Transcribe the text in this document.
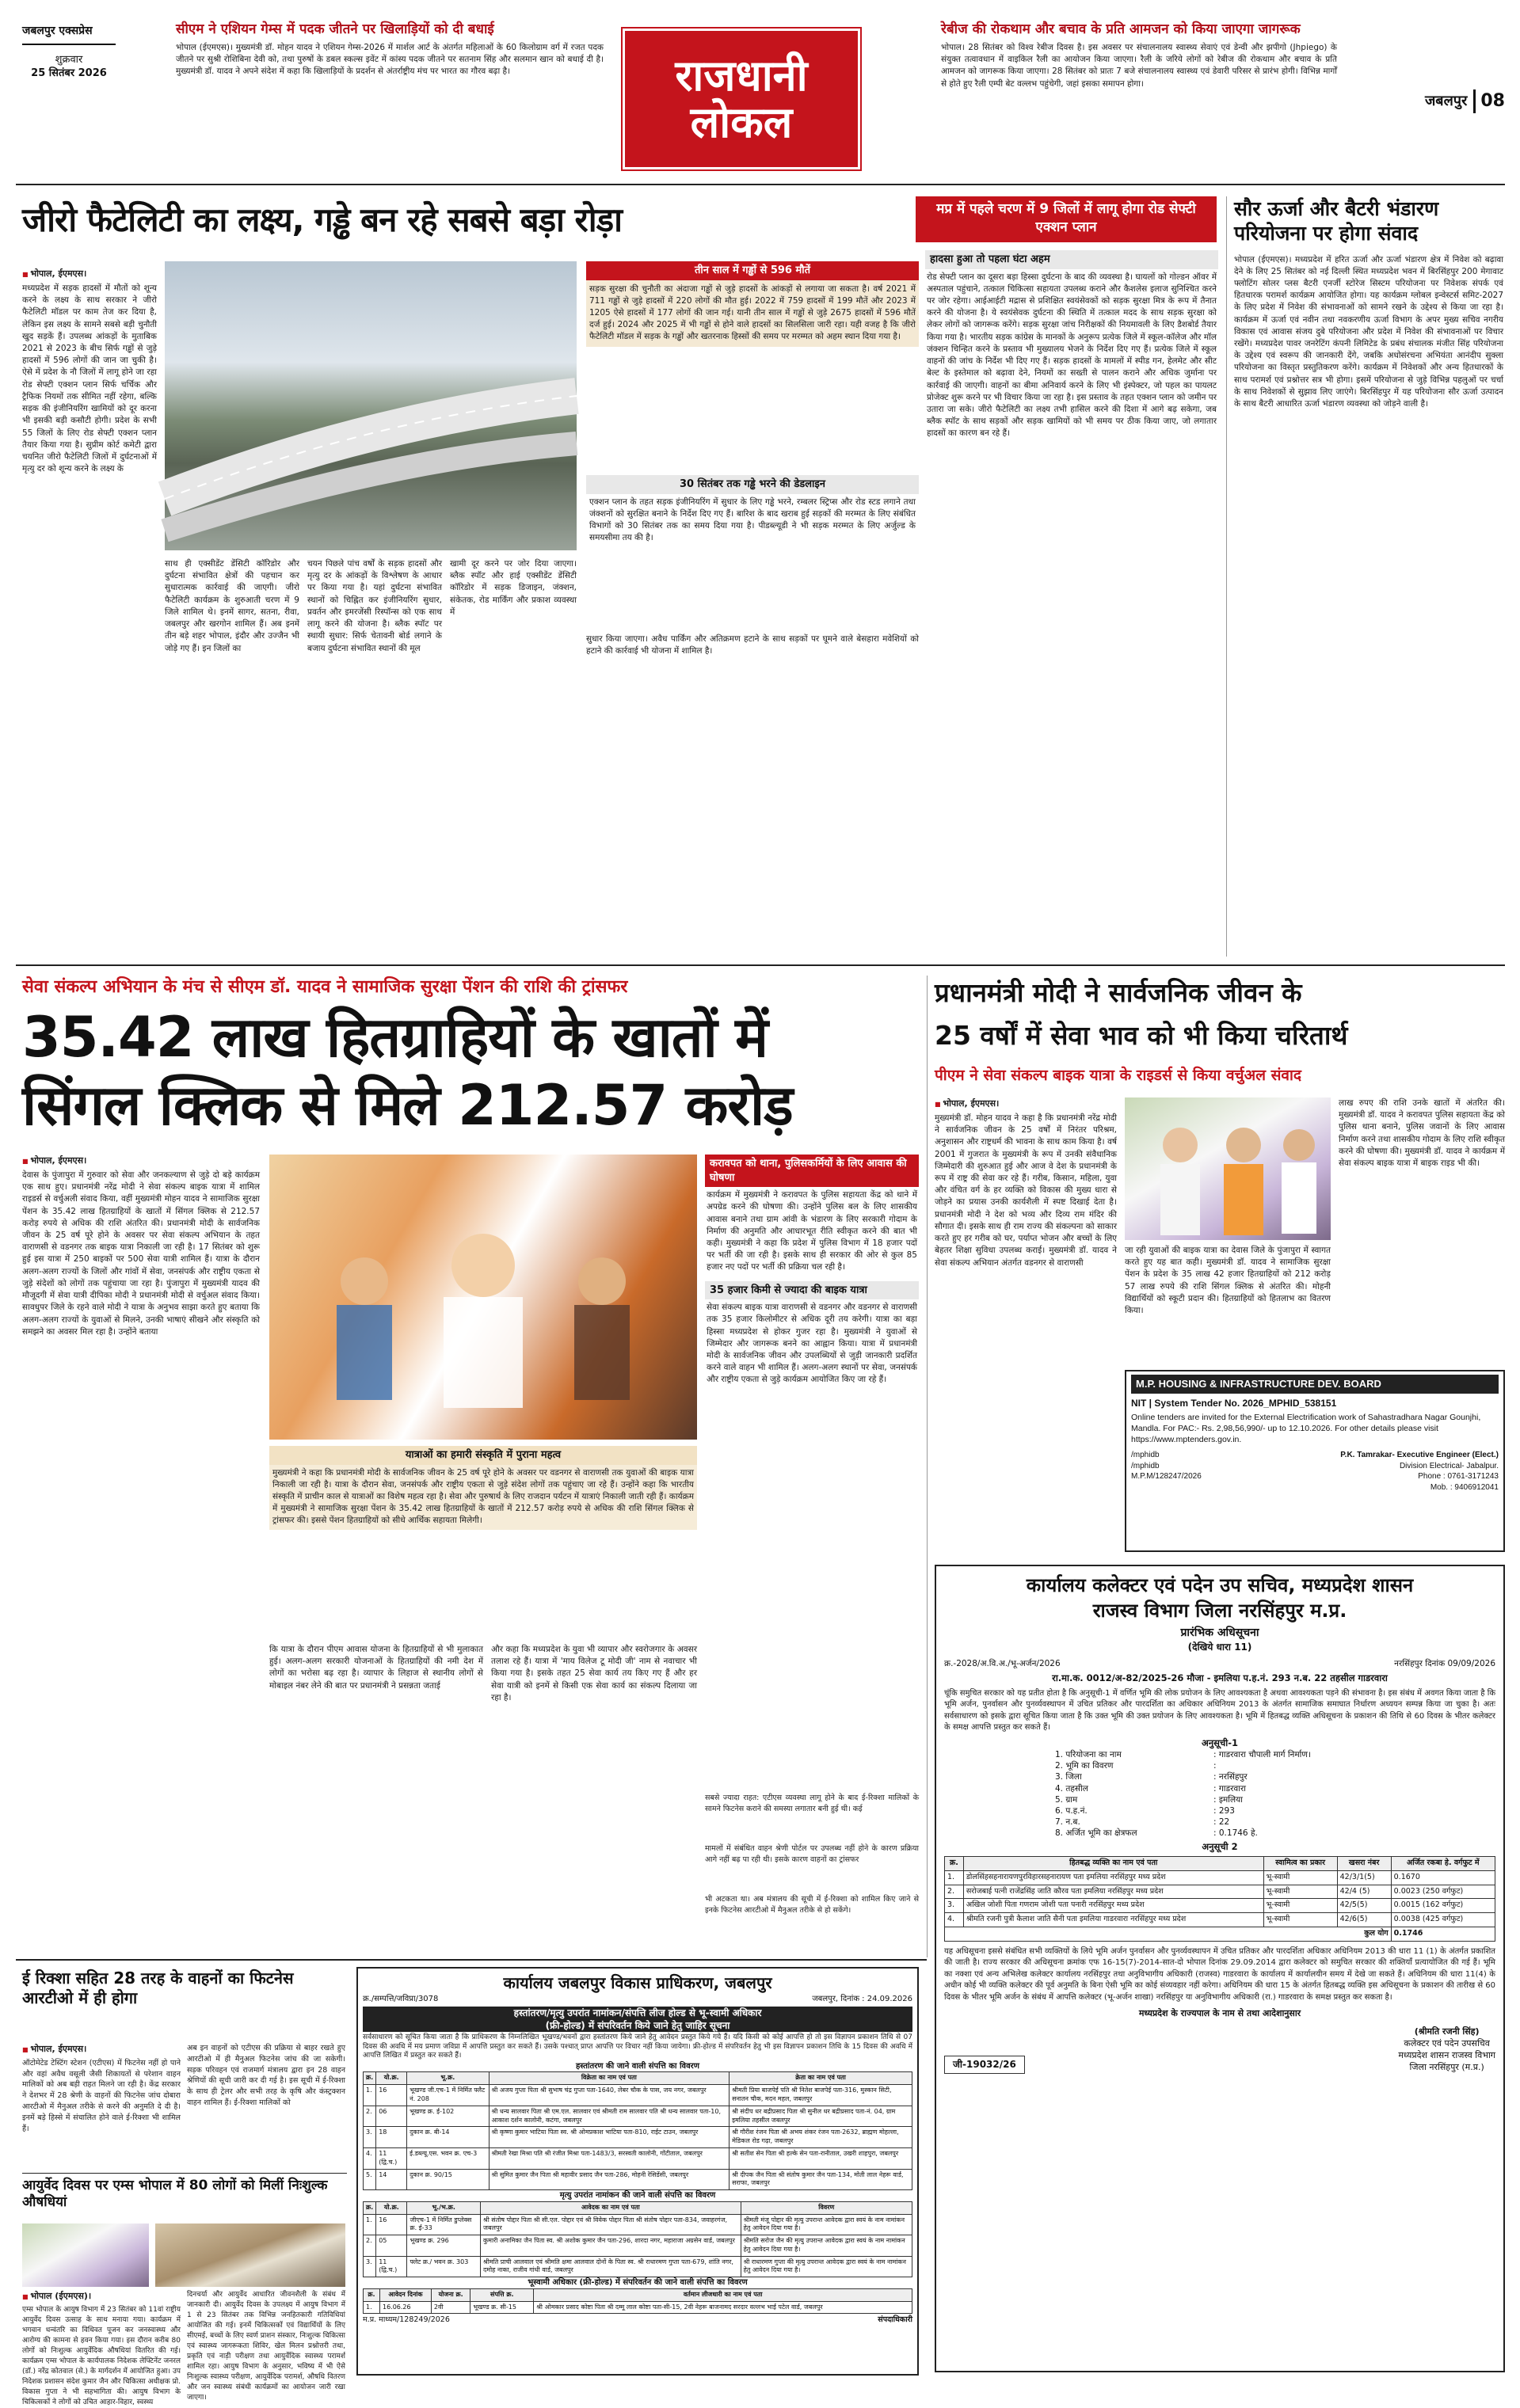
जबलपुर एक्सप्रेस
शुक्रवार
25 सितंबर 2026
सीएम ने एशियन गेम्स में पदक जीतने पर खिलाड़ियों को दी बधाई
भोपाल (ईएमएस)। मुख्यमंत्री डॉ. मोहन यादव ने एशियन गेम्स-2026 में मार्शल आर्ट के अंतर्गत महिलाओं के 60 किलोग्राम वर्ग में रजत पदक जीतने पर सुश्री रोशिबिना देवी को, तथा पुरुषों के डबल स्कल्स इवेंट में कांस्य पदक जीतने पर सतनाम सिंह और सलमान खान को बधाई दी है। मुख्यमंत्री डॉ. यादव ने अपने संदेश में कहा कि खिलाड़ियों के प्रदर्शन से अंतर्राष्ट्रीय मंच पर भारत का गौरव बढ़ा है।	राजधानी
लोकल
रेबीज की रोकथाम और बचाव के प्रति आमजन को किया जाएगा जागरूक
भोपाल। 28 सितंबर को विश्व रेबीज दिवस है। इस अवसर पर संचालनालय स्वास्थ्य सेवाएं एवं डेन्वी और झपीगो (Jhpiego) के संयुक्त तत्वावधान में वाइकिल रैली का आयोजन किया जाएगा। रैली के जरिये लोगों को रेबीज की रोकथाम और बचाव के प्रति आमजन को जागरूक किया जाएगा। 28 सितंबर को प्रातः 7 बजे संचालनालय स्वास्थ्य एवं डेवारी परिसर से प्रारंभ होगी। विभिन्न मार्गों से होते हुए रैली एम्पी बेट वल्लभ पहुंचेगी, जहां इसका समापन होगा।
जबलपुर 08
जीरो फैटेलिटी का लक्ष्य, गड्ढे बन रहे सबसे बड़ा रोड़ा	मप्र में पहले चरण में 9 जिलों में लागू होगा रोड सेफ्टी एक्शन प्लान
■ भोपाल, ईएमएस।

मध्यप्रदेश में सड़क हादसों में मौतों को शून्य करने के लक्ष्य के साथ सरकार ने जीरो फैटेलिटी मॉडल पर काम तेज कर दिया है, लेकिन इस लक्ष्य के सामने सबसे बड़ी चुनौती खुद सड़कें हैं। उपलब्ध आंकड़ों के मुताबिक 2021 से 2023 के बीच सिर्फ गड्ढों से जुड़े हादसों में 596 लोगों की जान जा चुकी है। ऐसे में प्रदेश के नौ जिलों में लागू होने जा रहा रोड सेफ्टी एक्शन प्लान सिर्फ चर्चिक और ट्रैफिक नियमों तक सीमित नहीं रहेगा, बल्कि सड़क की इंजीनियरिंग खामियों को दूर करना भी इसकी बड़ी कसौटी होगी। प्रदेश के सभी 55 जिलों के लिए रोड सेफ्टी एक्शन प्लान तैयार किया गया है। सुप्रीम कोर्ट कमेटी द्वारा चयनित जीरो फैटेलिटी जिलों में दुर्घटनाओं में मृत्यु दर को शून्य करने के लक्ष्य के

साथ ही एक्सीडेंट डेंसिटी कॉरिडोर और दुर्घटना संभावित क्षेत्रों की पहचान कर सुधारात्मक कार्रवाई की जाएगी। जीरो फैटेलिटी कार्यक्रम के शुरुआती चरण में 9 जिले शामिल थे। इनमें सागर, सतना, रीवा, जबलपुर और खरगोन शामिल हैं। अब इनमें तीन बड़े शहर भोपाल, इंदौर और उज्जैन भी जोड़े गए हैं। इन जिलों का
चयन पिछले पांच वर्षों के सड़क हादसों और मृत्यु दर के आंकड़ों के विश्लेषण के आधार पर किया गया है। यहां दुर्घटना संभावित स्थानों को चिह्नित कर इंजीनियरिंग सुधार, प्रवर्तन और इमरजेंसी रिस्पॉन्स को एक साथ लागू करने की योजना है। ब्लैक स्पॉट पर स्थायी सुधार: सिर्फ चेतावनी बोर्ड लगाने के बजाय दुर्घटना संभावित स्थानों की मूल
खामी दूर करने पर जोर दिया जाएगा। ब्लैक स्पॉट और हाई एक्सीडेंट डेंसिटी कॉरिडोर में सड़क डिजाइन, जंक्शन, संकेतक, रोड मार्किंग और प्रकाश व्यवस्था में
तीन साल में गड्ढों से 596 मौतें
सड़क सुरक्षा की चुनौती का अंदाजा गड्ढों से जुड़े हादसों के आंकड़ों से लगाया जा सकता है। वर्ष 2021 में 711 गड्ढों से जुड़े हादसों में 220 लोगों की मौत हुई। 2022 में 759 हादसों में 199 मौतें और 2023 में 1205 ऐसे हादसों में 177 लोगों की जान गई। यानी तीन साल में गड्ढों से जुड़े 2675 हादसों में 596 मौतें दर्ज हुई। 2024 और 2025 में भी गड्ढों से होने वाले हादसों का सिलसिला जारी रहा। यही वजह है कि जीरो फैटेलिटी मॉडल में सड़क के गड्ढों और खतरनाक हिस्सों की समय पर मरम्मत को अहम स्थान दिया गया है।
30 सितंबर तक गड्ढे भरने की डेडलाइन
एक्शन प्लान के तहत सड़क इंजीनियरिंग में सुधार के लिए गड्ढे भरने, रम्बलर स्ट्रिप्स और रोड स्टड लगाने तथा जंक्शनों को सुरक्षित बनाने के निर्देश दिए गए हैं। बारिश के बाद खराब हुई सड़कों की मरम्मत के लिए संबंधित विभागों को 30 सितंबर तक का समय दिया गया है। पीडब्ल्यूडी ने भी सड़क मरम्मत के लिए अर्जुल्ड के समयसीमा तय की है।
सुधार किया जाएगा। अवैध पार्किंग और अतिक्रमण हटाने के साथ सड़कों पर घूमने वाले बेसहारा मवेशियों को हटाने की कार्रवाई भी योजना में शामिल है।
हादसा हुआ तो पहला घंटा अहम
रोड सेफ्टी प्लान का दूसरा बड़ा हिस्सा दुर्घटना के बाद की व्यवस्था है। घायलों को गोल्डन ऑवर में अस्पताल पहुंचाने, तत्काल चिकित्सा सहायता उपलब्ध कराने और कैशलेस इलाज सुनिश्चित करने पर जोर रहेगा। आईआईटी मद्रास से प्रशिक्षित स्वयंसेवकों को सड़क सुरक्षा मित्र के रूप में तैनात करने की योजना है। ये स्वयंसेवक दुर्घटना की स्थिति में तत्काल मदद के साथ सड़क सुरक्षा को लेकर लोगों को जागरूक करेंगे। सड़क सुरक्षा जांच निरीक्षकों की नियमावली के लिए डैशबोर्ड तैयार किया गया है। भारतीय सड़क कांग्रेस के मानकों के अनुरूप प्रत्येक जिले में स्कूल-कॉलेज और मॉल जंक्शन चिन्हित करने के प्रस्ताव भी मुख्यालय भेजने के निर्देश दिए गए हैं। प्रत्येक जिले में स्कूल वाहनों की जांच के निर्देश भी दिए गए हैं। सड़क हादसों के मामलों में स्पीड गन, हेलमेट और सीट बेल्ट के इस्तेमाल को बढ़ावा देने, नियमों का सख्ती से पालन कराने और अधिक जुर्माना पर कार्रवाई की जाएगी। वाहनों का बीमा अनिवार्य करने के लिए भी इंस्पेक्टर, जो पहल का पायलट प्रोजेक्ट शुरू करने पर भी विचार किया जा रहा है। इस प्रस्ताव के तहत एक्शन प्लान को जमीन पर उतारा जा सके। जीरो फैटेलिटी का लक्ष्य तभी हासिल करने की दिशा में आगे बढ़ सकेगा, जब ब्लैक स्पॉट के साथ सड़कों और सड़क खामियों को भी समय पर ठीक किया जाए, जो लगातार हादसों का कारण बन रहे हैं।
सौर ऊर्जा और बैटरी भंडारण परियोजना पर होगा संवाद
भोपाल (ईएमएस)। मध्यप्रदेश में हरित ऊर्जा और ऊर्जा भंडारण क्षेत्र में निवेश को बढ़ावा देने के लिए 25 सितंबर को नई दिल्ली स्थित मध्यप्रदेश भवन में बिरसिंहपुर 200 मेगावाट फ्लोटिंग सोलर प्लस बैटरी एनर्जी स्टोरेज सिस्टम परियोजना पर निवेशक संपर्क एवं हितधारक परामर्श कार्यक्रम आयोजित होगा। यह कार्यक्रम ग्लोबल इन्वेस्टर्स समिट-2027 के लिए प्रदेश में निवेश की संभावनाओं को सामने रखने के उद्देश्य से किया जा रहा है। कार्यक्रम में ऊर्जा एवं नवीन तथा नवकरणीय ऊर्जा विभाग के अपर मुख्य सचिव नगरीय विकास एवं आवास संजय दुबे परियोजना और प्रदेश में निवेश की संभावनाओं पर विचार रखेंगे। मध्यप्रदेश पावर जनरेटिंग कंपनी लिमिटेड के प्रबंध संचालक मंजीत सिंह परियोजना के उद्देश्य एवं स्वरूप की जानकारी देंगे, जबकि अधोसंरचना अभियंता आनंदीप सुक्ला परियोजना का विस्तृत प्रस्तुतिकरण करेंगे। कार्यक्रम में निवेशकों और अन्य हितधारकों के साथ परामर्श एवं प्रश्नोत्तर सत्र भी होगा। इसमें परियोजना से जुड़े विभिन्न पहलुओं पर चर्चा के साथ निवेशकों से सुझाव लिए जाएंगे। बिरसिंहपुर में यह परियोजना सौर ऊर्जा उत्पादन के साथ बैटरी आधारित ऊर्जा भंडारण व्यवस्था को जोड़ने वाली है।
सेवा संकल्प अभियान के मंच से सीएम डॉ. यादव ने सामाजिक सुरक्षा पेंशन की राशि की ट्रांसफर
35.42 लाख हितग्राहियों के खातों में
सिंगल क्लिक से मिले 212.57 करोड़
■ भोपाल, ईएमएस।

देवास के पुंजापुरा में गुरुवार को सेवा और जनकल्याण से जुड़े दो बड़े कार्यक्रम एक साथ हुए। प्रधानमंत्री नरेंद्र मोदी ने सेवा संकल्प बाइक यात्रा में शामिल राइडर्स से वर्चुअली संवाद किया, वहीं मुख्यमंत्री मोहन यादव ने सामाजिक सुरक्षा पेंशन के 35.42 लाख हितग्राहियों के खातों में सिंगल क्लिक से 212.57 करोड़ रुपये से अधिक की राशि अंतरित की। प्रधानमंत्री मोदी के सार्वजनिक जीवन के 25 वर्ष पूरे होने के अवसर पर सेवा संकल्प अभियान के तहत वाराणसी से वडनगर तक बाइक यात्रा निकाली जा रही है। 17 सितंबर को शुरू हुई इस यात्रा में 250 बाइकों पर 500 सेवा यात्री शामिल हैं। यात्रा के दौरान अलग-अलग राज्यों के जिलों और गांवों में सेवा, जनसंपर्क और राष्ट्रीय एकता से जुड़े संदेशों को लोगों तक पहुंचाया जा रहा है। पुंजापुरा में मुख्यमंत्री यादव की मौजूदगी में सेवा यात्री दीपिका मोदी ने प्रधानमंत्री मोदी से वर्चुअल संवाद किया। सावधुपर जिले के रहने वाले मोदी ने यात्रा के अनुभव साझा करते हुए बताया कि अलग-अलग राज्यों के युवाओं से मिलने, उनकी भाषाएं सीखने और संस्कृति को समझने का अवसर मिल रहा है। उन्होंने बताया

यात्राओं का हमारी संस्कृति में पुराना महत्व
मुख्यमंत्री ने कहा कि प्रधानमंत्री मोदी के सार्वजनिक जीवन के 25 वर्ष पूरे होने के अवसर पर वडनगर से वाराणसी तक युवाओं की बाइक यात्रा निकाली जा रही है। यात्रा के दौरान सेवा, जनसंपर्क और राष्ट्रीय एकता से जुड़े संदेश लोगों तक पहुंचाए जा रहे हैं। उन्होंने कहा कि भारतीय संस्कृति में प्राचीन काल से यात्राओं का विशेष महत्व रहा है। सेवा और पुरुषार्थ के लिए राजदान पर्यटन में यात्राएं निकाली जाती रही हैं। कार्यक्रम में मुख्यमंत्री ने सामाजिक सुरक्षा पेंशन के 35.42 लाख हितग्राहियों के खातों में 212.57 करोड़ रुपये से अधिक की राशि सिंगल क्लिक से ट्रांसफर की। इससे पेंशन हितग्राहियों को सीधे आर्थिक सहायता मिलेगी।
करावपत को थाना, पुलिसकर्मियों के लिए आवास की घोषणा
कार्यक्रम में मुख्यमंत्री ने करावपत के पुलिस सहायता केंद्र को थाने में अपग्रेड करने की घोषणा की। उन्होंने पुलिस बल के लिए शासकीय आवास बनाने तथा ग्राम आंवी के भंडारण के लिए सरकारी गोदाम के निर्माण की अनुमति और आधारभूत रीति स्वीकृत करने की बात भी कही। मुख्यमंत्री ने कहा कि प्रदेश में पुलिस विभाग में 18 हजार पदों पर भर्ती की जा रही है। इसके साथ ही सरकार की ओर से कुल 85 हजार नए पदों पर भर्ती की प्रक्रिया चल रही है।
35 हजार किमी से ज्यादा की बाइक यात्रा
सेवा संकल्प बाइक यात्रा वाराणसी से वडनगर और वडनगर से वाराणसी तक 35 हजार किलोमीटर से अधिक दूरी तय करेगी। यात्रा का बड़ा हिस्सा मध्यप्रदेश से होकर गुजर रहा है। मुख्यमंत्री ने युवाओं से जिम्मेदार और जागरूक बनने का आह्वान किया। यात्रा में प्रधानमंत्री मोदी के सार्वजनिक जीवन और उपलब्धियों से जुड़ी जानकारी प्रदर्शित करने वाले वाहन भी शामिल हैं। अलग-अलग स्थानों पर सेवा, जनसंपर्क और राष्ट्रीय एकता से जुड़े कार्यक्रम आयोजित किए जा रहे हैं।
कि यात्रा के दौरान पीएम आवास योजना के हितग्राहियों से भी मुलाकात हुई। अलग-अलग सरकारी योजनाओं के हितग्राहियों की नमी देश में लोगों का भरोसा बढ़ रहा है। व्यापार के लिहाज से स्थानीय लोगों से मोबाइल नंबर लेने की बात पर प्रधानमंत्री ने प्रसन्नता जताई
और कहा कि मध्यप्रदेश के युवा भी व्यापार और स्वरोजगार के अवसर तलाश रहे हैं। यात्रा में 'माय विलेज टू मोदी जी' नाम से नवाचार भी किया गया है। इसके तहत 25 सेवा कार्य तय किए गए हैं और हर सेवा यात्री को इनमें से किसी एक सेवा कार्य का संकल्प दिलाया जा रहा है।
प्रधानमंत्री मोदी ने सार्वजनिक जीवन के
25 वर्षों में सेवा भाव को भी किया चरितार्थ
पीएम ने सेवा संकल्प बाइक यात्रा के राइडर्स से किया वर्चुअल संवाद
■ भोपाल, ईएमएस।

मुख्यमंत्री डॉ. मोहन यादव ने कहा है कि प्रधानमंत्री नरेंद्र मोदी ने सार्वजनिक जीवन के 25 वर्षों में निरंतर परिश्रम, अनुशासन और राष्ट्रधर्म की भावना के साथ काम किया है। वर्ष 2001 में गुजरात के मुख्यमंत्री के रूप में उनकी संवैधानिक जिम्मेदारी की शुरुआत हुई और आज वे देश के प्रधानमंत्री के रूप में राष्ट्र की सेवा कर रहे हैं। गरीब, किसान, महिला, युवा और वंचित वर्ग के हर व्यक्ति को विकास की मुख्य धारा से जोड़ने का प्रयास उनकी कार्यशैली में स्पष्ट दिखाई देता है। प्रधानमंत्री मोदी ने देश को भव्य और दिव्य राम मंदिर की सौगात दी। इसके साथ ही राम राज्य की संकल्पना को साकार करते हुए हर गरीब को घर, पर्याप्त भोजन और बच्चों के लिए बेहतर शिक्षा सुविधा उपलब्ध कराई। मुख्यमंत्री डॉ. यादव ने सेवा संकल्प अभियान अंतर्गत वडनगर से वाराणसी

जा रही युवाओं की बाइक यात्रा का देवास जिले के पुंजापुरा में स्वागत करते हुए यह बात कही। मुख्यमंत्री डॉ. यादव ने सामाजिक सुरक्षा पेंशन के प्रदेश के 35 लाख 42 हजार हितग्राहियों को 212 करोड़ 57 लाख रुपये की राशि सिंगल क्लिक से अंतरित की। मोहनी विद्यार्थियों को स्कूटी प्रदान की। हितग्राहियों को हितलाभ का वितरण किया।
लाख रुपए की राशि उनके खातों में अंतरित की। मुख्यमंत्री डॉ. यादव ने करावपत पुलिस सहायता केंद्र को पुलिस थाना बनाने, पुलिस जवानों के लिए आवास निर्माण करने तथा शासकीय गोदाम के लिए राशि स्वीकृत करने की घोषणा की। मुख्यमंत्री डॉ. यादव ने कार्यक्रम में सेवा संकल्प बाइक यात्रा में बाइक राइड भी की।
M.P. HOUSING & INFRASTRUCTURE DEV. BOARD
NIT | System Tender No. 2026_MPHID_538151
Online tenders are invited for the External Electrification work of Sahastradhara Nagar Gounjhi, Mandla. For PAC:- Rs. 2,98,56,990/- up to 12.10.2026. For other details please visit https://www.mptenders.gov.in.
/mphidb
/mphidb
M.P.M/128247/2026
P.K. Tamrakar- Executive Engineer (Elect.)
Division Electrical- Jabalpur.
Phone : 0761-3171243
Mob. : 9406912041
कार्यालय कलेक्टर एवं पदेन उप सचिव, मध्यप्रदेश शासन
राजस्व विभाग जिला नरसिंहपुर म.प्र.
प्रारंभिक अधिसूचना
(देखिये धारा 11)
क्र.-2028/अ.वि.अ./भू-अर्जन/2026	नरसिंहपुर दिनांक 09/09/2026
रा.मा.क. 0012/अ-82/2025-26 मौजा - इमलिया प.ह.नं. 293 न.ब. 22 तहसील गाडरवारा
चूंकि समुचित सरकार को यह प्रतीत होता है कि अनुसूची-1 में वर्णित भूमि की लोक प्रयोजन के लिए आवश्यकता है अथवा आवश्यकता पड़ने की संभावना है। इस संबंध में अवगत किया जाता है कि भूमि अर्जन, पुनर्वासन और पुनर्व्यवस्थापन में उचित प्रतिकर और पारदर्शिता का अधिकार अधिनियम 2013 के अंतर्गत सामाजिक समाघात निर्धारण अध्ययन सम्पन्न किया जा चुका है। अतः सर्वसाधारण को इसके द्वारा सूचित किया जाता है कि उक्त भूमि की उक्त प्रयोजन के लिए आवश्यकता है। भूमि में हितबद्ध व्यक्ति अधिसूचना के प्रकाशन की तिथि से 60 दिवस के भीतर कलेक्टर के समक्ष आपत्ति प्रस्तुत कर सकते हैं।
अनुसूची-1
1. परियोजना का नाम	: गाडरवारा चौपाली मार्ग निर्माण।
2. भूमि का विवरण	:
3. जिला	: नरसिंहपुर
4. तहसील	: गाडरवारा
5. ग्राम	: इमलिया
6. प.ह.नं.	: 293
7. न.ब.	: 22
8. अर्जित भूमि का क्षेत्रफल	: 0.1746 हे.
अनुसूची 2
क्र.	हितबद्ध व्यक्ति का नाम एवं पता	स्वामित्व का प्रकार	खसरा नंबर	अर्जित रकबा हे. वर्गफुट में
1.	डोलसिंहसहनारायणपुरविहारसहनारायण पता इमलिया नरसिंहपुर मध्य प्रदेश	भू-स्वामी	42/3/1(5)	0.1670
2.	सरोजबाई पत्नी राजेंद्रसिंह जाति कौरव पता इमलिया नरसिंहपुर मध्य प्रदेश	भू-स्वामी	42/4 (5)	0.0023 (250 वर्गफुट)
3.	अखिल जोशी पिता गणराम जोशी पता पनारी नरसिंहपुर मध्य प्रदेश	भू-स्वामी	42/5(5)	0.0015 (162 वर्गफुट)
4.	श्रीमति रजनी पुत्री कैलाश जाति सैनी पता इमलिया गाडरवारा नरसिंहपुर मध्य प्रदेश	भू-स्वामी	42/6(5)	0.0038 (425 वर्गफुट)
कुल योग				0.1746
यह अधिसूचना इससे संबंधित सभी व्यक्तियों के लिये भूमि अर्जन पुनर्वासन और पुनर्व्यवस्थापन में उचित प्रतिकर और पारदर्शिता अधिकार अधिनियम 2013 की धारा 11 (1) के अंतर्गत प्रकाशित की जाती है। राज्य सरकार की अधिसूचना क्रमांक एफ 16-15(7)-2014-सात-दो भोपाल दिनांक 29.09.2014 द्वारा कलेक्टर को समुचित सरकार की शक्तियाँ प्रत्यायोजित की गई हैं। भूमि का नक्शा एवं अन्य अभिलेख कलेक्टर कार्यालय नरसिंहपुर तथा अनुविभागीय अधिकारी (राजस्व) गाडरवारा के कार्यालय में कार्यालयीन समय में देखे जा सकते हैं। अधिनियम की धारा 11(4) के अधीन कोई भी व्यक्ति कलेक्टर की पूर्व अनुमति के बिना ऐसी भूमि का कोई संव्यवहार नहीं करेगा। अधिनियम की धारा 15 के अंतर्गत हितबद्ध व्यक्ति इस अधिसूचना के प्रकाशन की तारीख से 60 दिवस के भीतर भूमि अर्जन के संबंध में आपत्ति कलेक्टर (भू-अर्जन शाखा) नरसिंहपुर या अनुविभागीय अधिकारी (रा.) गाडरवारा के समक्ष प्रस्तुत कर सकता है।
मध्यप्रदेश के राज्यपाल के नाम से तथा आदेशानुसार
जी-19032/26
(श्रीमति रजनी सिंह)
कलेक्टर एवं पदेन उपसचिव
मध्यप्रदेश शासन राजस्व विभाग
जिला नरसिंहपुर (म.प्र.)
कार्यालय जबलपुर विकास प्राधिकरण, जबलपुर
क्र./सम्पत्ति/जविप्रा/3078	जबलपुर, दिनांक : 24.09.2026
हस्तांतरण/मृत्यु उपरांत नामांकन/संपत्ति लीज होल्ड से भू-स्वामी अधिकार
(फ्री-होल्ड) में संपरिवर्तन किये जाने हेतु जाहिर सूचना
सर्वसाधारण को सूचित किया जाता है कि प्राधिकरण के निम्नलिखित भूखण्ड/भवनों द्वारा हस्तांतरण किये जाने हेतु आवेदन प्रस्तुत किये गये हैं। यदि किसी को कोई आपत्ति हो तो इस विज्ञापन प्रकाशन तिथि से 07 दिवस की अवधि में मय प्रमाण जविप्रा में आपत्ति प्रस्तुत कर सकते हैं। उसके पश्चात् प्राप्त आपत्ति पर विचार नहीं किया जायेगा। फ्री-होल्ड में संपरिवर्तन हेतु भी इस विज्ञापन प्रकाशन तिथि के 15 दिवस की अवधि में आपत्ति लिखित में प्रस्तुत कर सकते हैं।
हस्तांतरण की जाने वाली संपत्ति का विवरण
क्र.	यो.क्र.	भू.क्र.	विक्रेता का नाम एवं पता	क्रेता का नाम एवं पता
1.	16	भूखण्ड जी.एच-1 में निर्मित फ्लैट नं. 208	श्री अजय गुप्ता पिता श्री सुभाष चंद्र गुप्ता पता-1640, लेबर चौक के पास, जय नगर, जबलपुर	श्रीमती प्रिया बाजपेई पति श्री नितेश बाजपेई पता-316, मुस्कान सिटी, सनातन चौक, मदन महल, जबलपुर
2.	06	भूखण्ड क्र. ई-102	श्री धन्य सालवार पिता श्री एम.एल. सालवार एवं श्रीमती राम सालवार पति श्री धन्य सालवार पता-10, आकाश दर्शन कालोनी, कटंगा, जबलपुर	श्री संदीप धर बद्रीप्रसाद पिता श्री सुनील धर बद्रीप्रसाद पता-नं. 04, ग्राम इमलिया तहसील जबलपुर
3.	18	दुकान क्र. बी-14	श्री कृष्णा कुमार भाटिया पिता स्व. श्री ओमप्रकाश भाटिया पता-810, राईट टाउन, जबलपुर	श्री गौरीश रंजन पिता श्री अभय शंकर रंजन पता-2632, ब्राह्मण मोहल्ला, मेडिकल रोड गढ़ा, जबलपुर
4.	11 (द्वि.च.)	ई.डब्ल्यू.एस. भवन क्र. एच-3	श्रीमती रेखा मिश्रा पति श्री रंजीत मिश्रा पता-1483/3, सरस्वती कालोनी, गोंटीताल, जबलपुर	श्री सतीश सेन पिता श्री हल्के सेन पता-रानीताल, उखरी शाहपुरा, जबलपुर
5.	14	दुकान क्र. 90/15	श्री सुमित कुमार जैन पिता श्री महावीर प्रसाद जैन पता-286, मोहनी रेसिडेंसी, जबलपुर	श्री दीपक जैन पिता श्री संतोष कुमार जैन पता-134, मोती लाल नेहरू वार्ड, सराफा, जबलपुर
मृत्यु उपरांत नामांकन की जाने वाली संपत्ति का विवरण
क्र.	यो.क्र.	भू./भ.क्र.	आवेदक का नाम एवं पता	विवरण
1.	16	जीएच-1 में निर्मित डुप्लेक्स क्र. ई-33	श्री संतोष पोद्दार पिता श्री सी.एल. पोद्दार एवं श्री विवेक पोद्दार पिता श्री संतोष पोद्दार पता-834, जवाहरगंज, जबलपुर	श्रीमती मंजू पोद्दार की मृत्यु उपरान्त आवेदक द्वारा स्वयं के नाम नामांकन हेतु आवेदन दिया गया है।
2.	05	भूखण्ड क्र. 296	कुमारी अनामिका जैन पिता स्व. श्री अशोक कुमार जैन पता-296, शारदा नगर, महाराजा अग्रसेन वार्ड, जबलपुर	श्रीमति सरोज जैन की मृत्यु उपरान्त आवेदक द्वारा स्वयं के नाम नामांकन हेतु आवेदन दिया गया है।
3.	11 (द्वि.च.)	फ्लेट क्र./ भवन क्र. 303	श्रीमति प्राची आलवाल एवं श्रीमति क्षमा आलवाल दोनों के पिता स्व. श्री राधारमण गुप्ता पता-679, शांति नगर, दमोह नाका, राजीव गांधी वार्ड, जबलपुर	श्री राधारमण गुप्ता की मृत्यु उपरान्त आवेदक द्वारा स्वयं के नाम नामांकन हेतु आवेदन दिया गया है।
भूस्वामी अधिकार (फ्री-होल्ड) में संपरिवर्तन की जाने वाली संपत्ति का विवरण
क्र.	आवेदन दिनांक	योजना क्र.	संपत्ति क्र.	वर्तमान लीजधारी का नाम एवं पता
1.	16.06.26	2वी	भूखण्ड क्र. सी-15	श्री ओमकार प्रसाद कोष्टा पिता श्री दम्मू लाल कोष्टा पता-सी-15, 2वी नेहरू बाजनामद सरदार वल्लभ भाई पटेल वार्ड, जबलपुर
म.प्र. माध्यम/128249/2026	संपदाधिकारी
ई रिक्शा सहित 28 तरह के वाहनों का फिटनेस आरटीओ में ही होगा
■ भोपाल, ईएमएस।

ऑटोमेटेड टेस्टिंग स्टेशन (एटीएस) में फिटनेस नहीं हो पाने और वहां अवैध वसूली जैसी शिकायतों से परेशान वाहन मालिकों को अब बड़ी राहत मिलने जा रही है। केंद्र सरकार ने देशभर में 28 श्रेणी के वाहनों की फिटनेस जांच दोबारा आरटीओ में मैनुअल तरीके से करने की अनुमति दे दी है। इनमें बड़े हिस्से में संचालित होने वाले ई-रिक्शा भी शामिल हैं।

अब इन वाहनों को एटीएस की प्रक्रिया से बाहर रखते हुए आरटीओ में ही मैनुअल फिटनेस जांच की जा सकेगी। सड़क परिवहन एवं राजमार्ग मंत्रालय द्वारा इन 28 वाहन श्रेणियों की सूची जारी कर दी गई है। इस सूची में ई-रिक्शा के साथ ही ट्रेलर और सभी तरह के कृषि और कंस्ट्रक्शन वाहन शामिल हैं। ई-रिक्शा मालिकों को
आयुर्वेद दिवस पर एम्स भोपाल में 80 लोगों को मिलीं निःशुल्क औषधियां
■ भोपाल (ईएमएस)।

एम्स भोपाल के आयुष विभाग में 23 सितंबर को 11वां राष्ट्रीय आयुर्वेद दिवस उत्साह के साथ मनाया गया। कार्यक्रम में भगवान धन्वंतरि का विधिवत पूजन कर जनस्वास्थ्य और आरोग्य की कामना से हवन किया गया। इस दौरान करीब 80 लोगों को निःशुल्क आयुर्वेदिक औषधियां वितरित की गई। कार्यक्रम एम्स भोपाल के कार्यपालक निदेशक लेफ्टिनेंट जनरल (डॉ.) नरेंद्र कोतवाल (से.) के मार्गदर्शन में आयोजित हुआ। उप निदेशक प्रशासन संदेश कुमार जैन और चिकित्सा अधीक्षक प्रो. विकास गुप्ता ने भी सहभागिता की। आयुष विभाग के चिकित्सकों ने लोगों को उचित आहार-विहार, स्वस्थ्य

दिनचर्या और आयुर्वेद आधारित जीवनशैली के संबंध में जानकारी दी। आयुर्वेद दिवस के उपलक्ष्य में आयुष विभाग में 1 से 23 सितंबर तक विभिन्न जनहितकारी गतिविधियां आयोजित की गई। इनमें चिकित्सकों एवं विद्यार्थियों के लिए सीएमई, बच्चों के लिए स्वर्ण प्राशन संस्कार, निःशुल्क चिकित्सा एवं स्वास्थ्य जागरूकता शिविर, खेल मिलन प्रश्नोत्तरी तथा, प्रकृति एवं नाड़ी परीक्षण तथा आयुर्वेदिक स्वास्थ्य परामर्श शामिल रहा। आयुष विभाग के अनुसार, भविष्य में भी ऐसे निःशुल्क स्वास्थ्य परीक्षण, आयुर्वेदिक परामर्श, औषधि वितरण और जन स्वास्थ्य संबंधी कार्यक्रमों का आयोजन जारी रखा जाएगा।
सबसे ज्यादा राहत: एटीएस व्यवस्था लागू होने के बाद ई-रिक्शा मालिकों के सामने फिटनेस कराने की समस्या लगातार बनी हुई थी। कई
मामलों में संबंधित वाहन श्रेणी पोर्टल पर उपलब्ध नहीं होने के कारण प्रक्रिया आगे नहीं बढ़ पा रही थी। इसके कारण वाहनों का ट्रांसफर
भी अटकता था। अब मंत्रालय की सूची में ई-रिक्शा को शामिल किए जाने से इनके फिटनेस आरटीओ में मैनुअल तरीके से हो सकेंगे।
